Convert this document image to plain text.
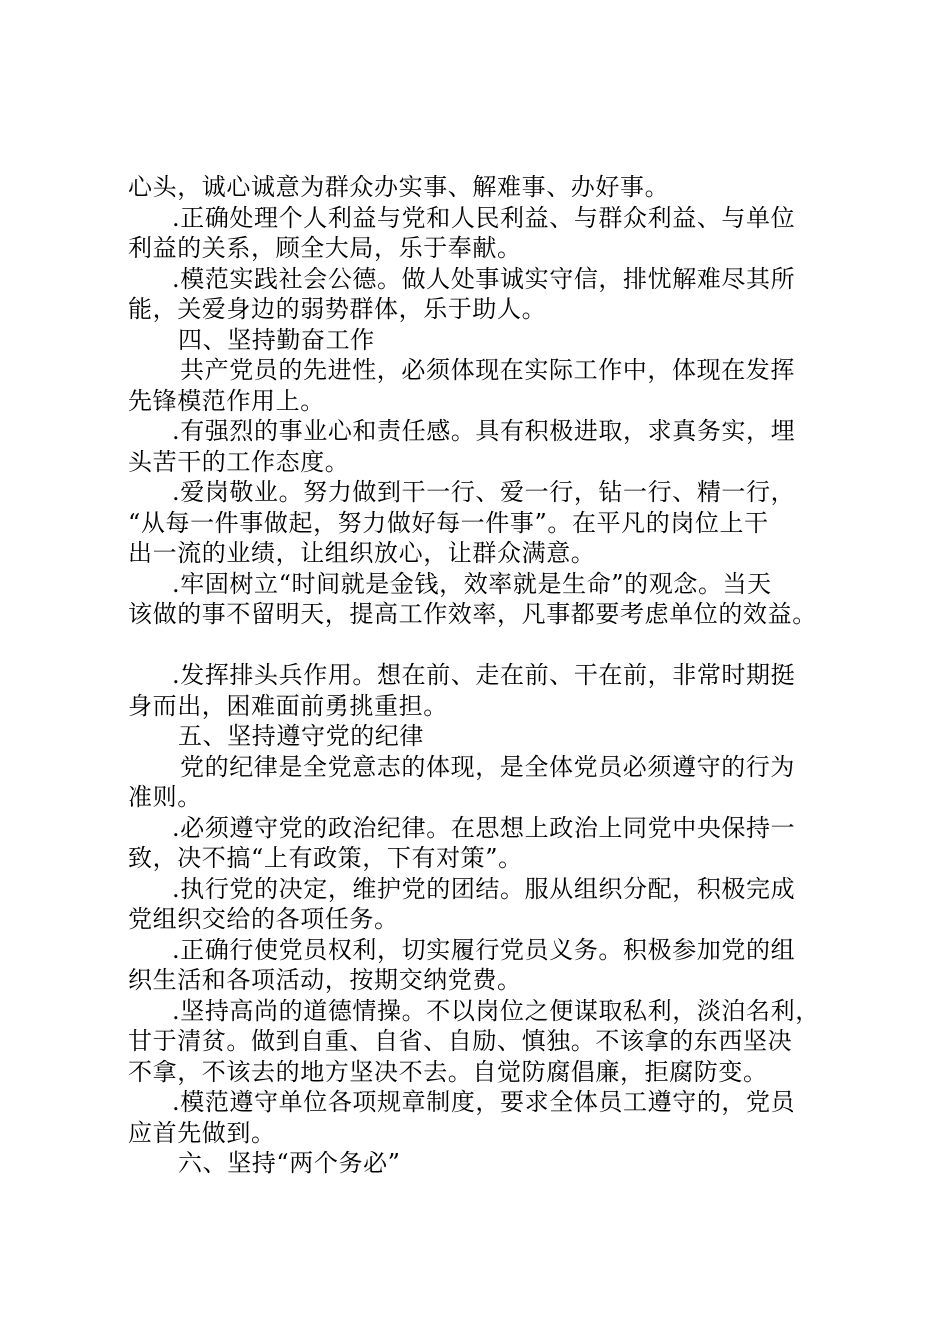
心头，诚心诚意为群众办实事、解难事、办好事。
.正确处理个人利益与党和人民利益、与群众利益、与单位
利益的关系，顾全大局，乐于奉献。
.模范实践社会公德。做人处事诚实守信，排忧解难尽其所
能，关爱身边的弱势群体，乐于助人。
四、坚持勤奋工作
共产党员的先进性，必须体现在实际工作中，体现在发挥
先锋模范作用上。
.有强烈的事业心和责任感。具有积极进取，求真务实，埋
头苦干的工作态度。
.爱岗敬业。努力做到干一行、爱一行，钻一行、精一行，
“从每一件事做起，努力做好每一件事”。在平凡的岗位上干
出一流的业绩，让组织放心，让群众满意。
.牢固树立“时间就是金钱，效率就是生命”的观念。当天
该做的事不留明天，提高工作效率，凡事都要考虑单位的效益。
.发挥排头兵作用。想在前、走在前、干在前，非常时期挺
身而出，困难面前勇挑重担。
五、坚持遵守党的纪律
党的纪律是全党意志的体现，是全体党员必须遵守的行为
准则。
.必须遵守党的政治纪律。在思想上政治上同党中央保持一
致，决不搞“上有政策，下有对策”。
.执行党的决定，维护党的团结。服从组织分配，积极完成
党组织交给的各项任务。
.正确行使党员权利，切实履行党员义务。积极参加党的组
织生活和各项活动，按期交纳党费。
.坚持高尚的道德情操。不以岗位之便谋取私利，淡泊名利，
甘于清贫。做到自重、自省、自励、慎独。不该拿的东西坚决
不拿，不该去的地方坚决不去。自觉防腐倡廉，拒腐防变。
.模范遵守单位各项规章制度，要求全体员工遵守的，党员
应首先做到。
六、坚持“两个务必”
